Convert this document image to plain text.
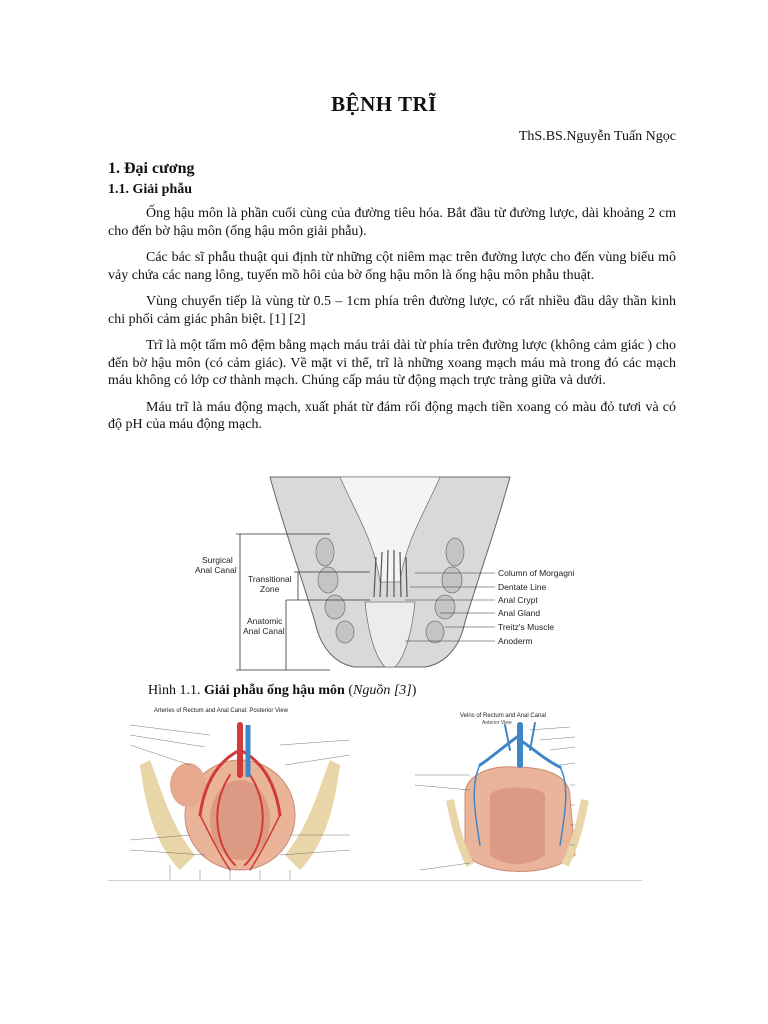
BỆNH TRĨ

ThS.BS.Nguyễn Tuấn Ngọc

1. Đại cương
1.1. Giải phẫu

Ống hậu môn là phần cuối cùng của đường tiêu hóa. Bắt đầu từ đường lược, dài khoảng 2 cm cho đến bờ hậu môn (ống hậu môn giải phẫu).

Các bác sĩ phẫu thuật qui định từ những cột niêm mạc trên đường lược cho đến vùng biểu mô vảy chứa các nang lông, tuyến mồ hôi của bờ ống hậu môn là ống hậu môn phẫu thuật.

Vùng chuyển tiếp là vùng từ 0.5 – 1cm phía trên đường lược, có rất nhiều đầu dây thần kinh chi phối cảm giác phân biệt. [1] [2]

Trĩ là một tấm mô đệm bằng mạch máu trải dài từ phía trên đường lược (không cảm giác ) cho đến bờ hậu môn (có cảm giác). Về mặt vi thể, trĩ là những xoang mạch máu mà trong đó các mạch máu không có lớp cơ thành mạch. Chúng cấp máu từ động mạch trực tràng giữa và dưới.

Máu trĩ là máu động mạch, xuất phát từ đám rối động mạch tiền xoang có màu đỏ tươi và có độ pH của máu động mạch.

Surgical
Anal Canal
Transitional
Zone
Anatomic
Anal Canal
Column of Morgagni
Dentate Line
Anal Crypt
Anal Gland
Treitz's Muscle
Anoderm

Hình 1.1. Giải phẫu ống hậu môn (Nguồn [3])

Arteries of Rectum and Anal Canal: Posterior View
Veins of Rectum and Anal Canal
Anterior View
